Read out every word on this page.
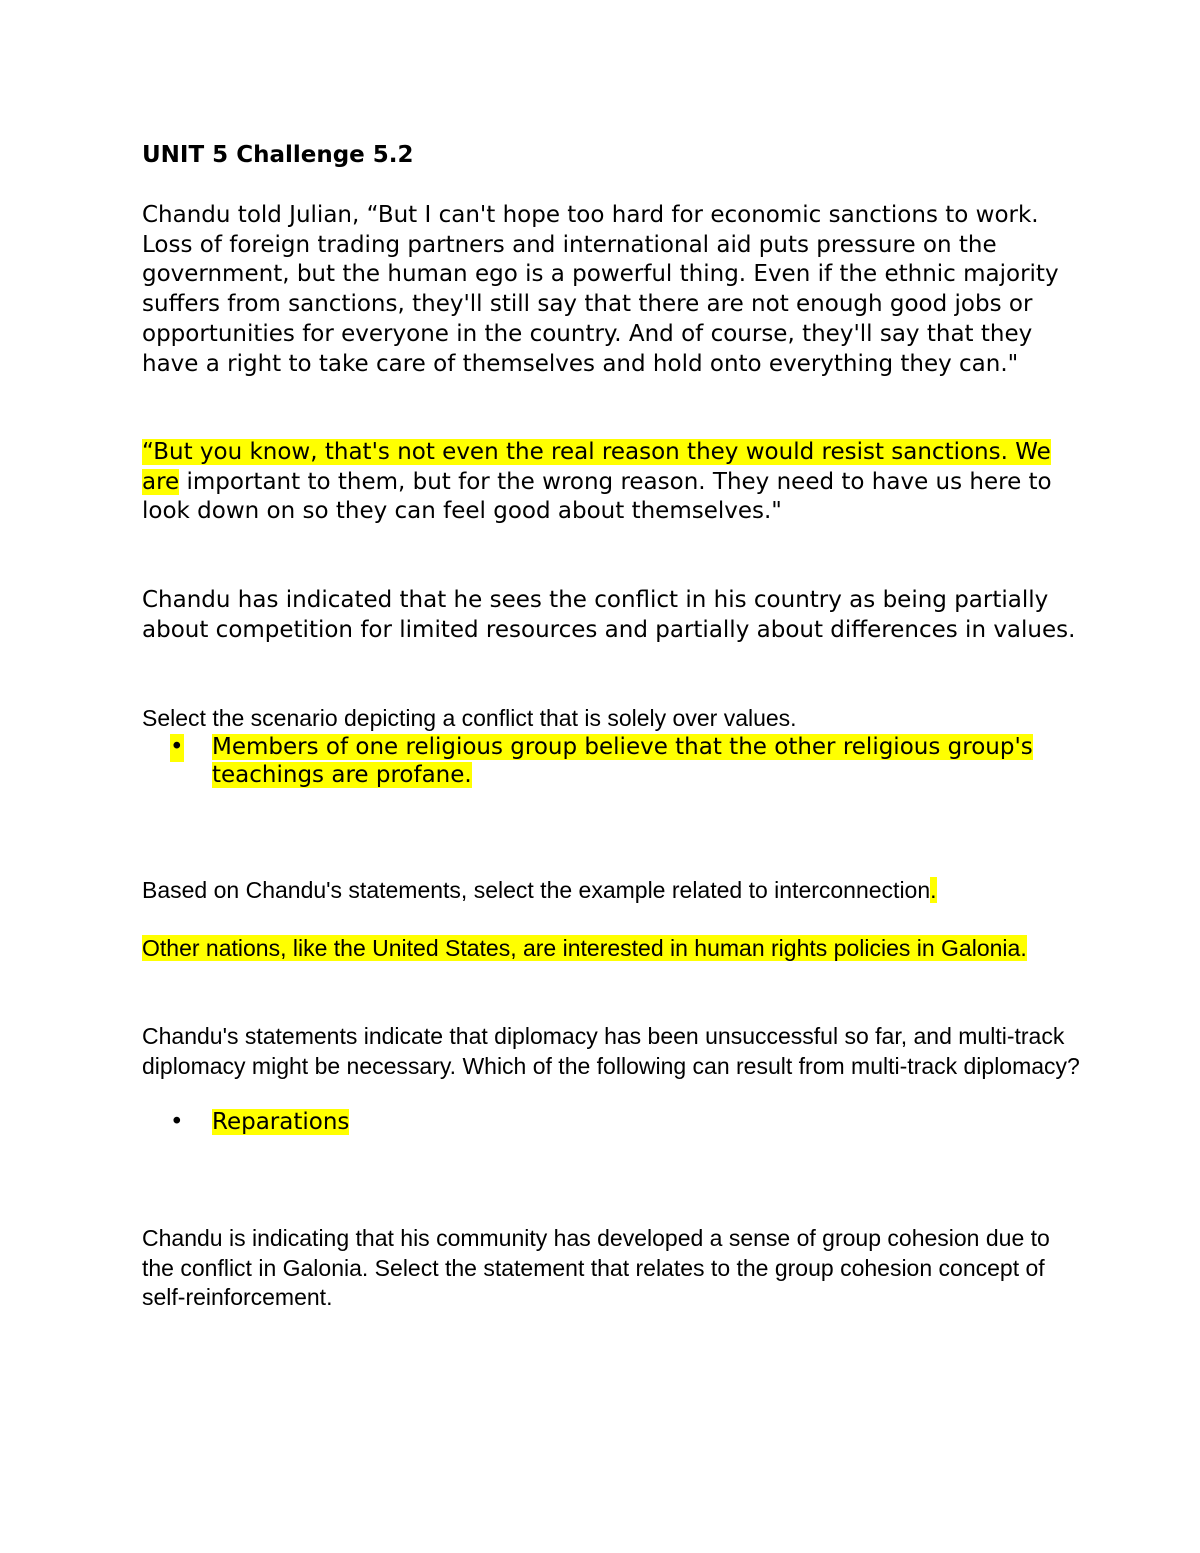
UNIT 5 Challenge 5.2

Chandu told Julian, “But I can't hope too hard for economic sanctions to work. Loss of foreign trading partners and international aid puts pressure on the government, but the human ego is a powerful thing. Even if the ethnic majority suffers from sanctions, they'll still say that there are not enough good jobs or opportunities for everyone in the country. And of course, they'll say that they have a right to take care of themselves and hold onto everything they can."

“But you know, that's not even the real reason they would resist sanctions. We are important to them, but for the wrong reason. They need to have us here to look down on so they can feel good about themselves."

Chandu has indicated that he sees the conflict in his country as being partially about competition for limited resources and partially about differences in values.

Select the scenario depicting a conflict that is solely over values.

• Members of one religious group believe that the other religious group's teachings are profane.

Based on Chandu's statements, select the example related to interconnection.

Other nations, like the United States, are interested in human rights policies in Galonia.

Chandu's statements indicate that diplomacy has been unsuccessful so far, and multi-track diplomacy might be necessary. Which of the following can result from multi-track diplomacy?

• Reparations

Chandu is indicating that his community has developed a sense of group cohesion due to the conflict in Galonia. Select the statement that relates to the group cohesion concept of self-reinforcement.
